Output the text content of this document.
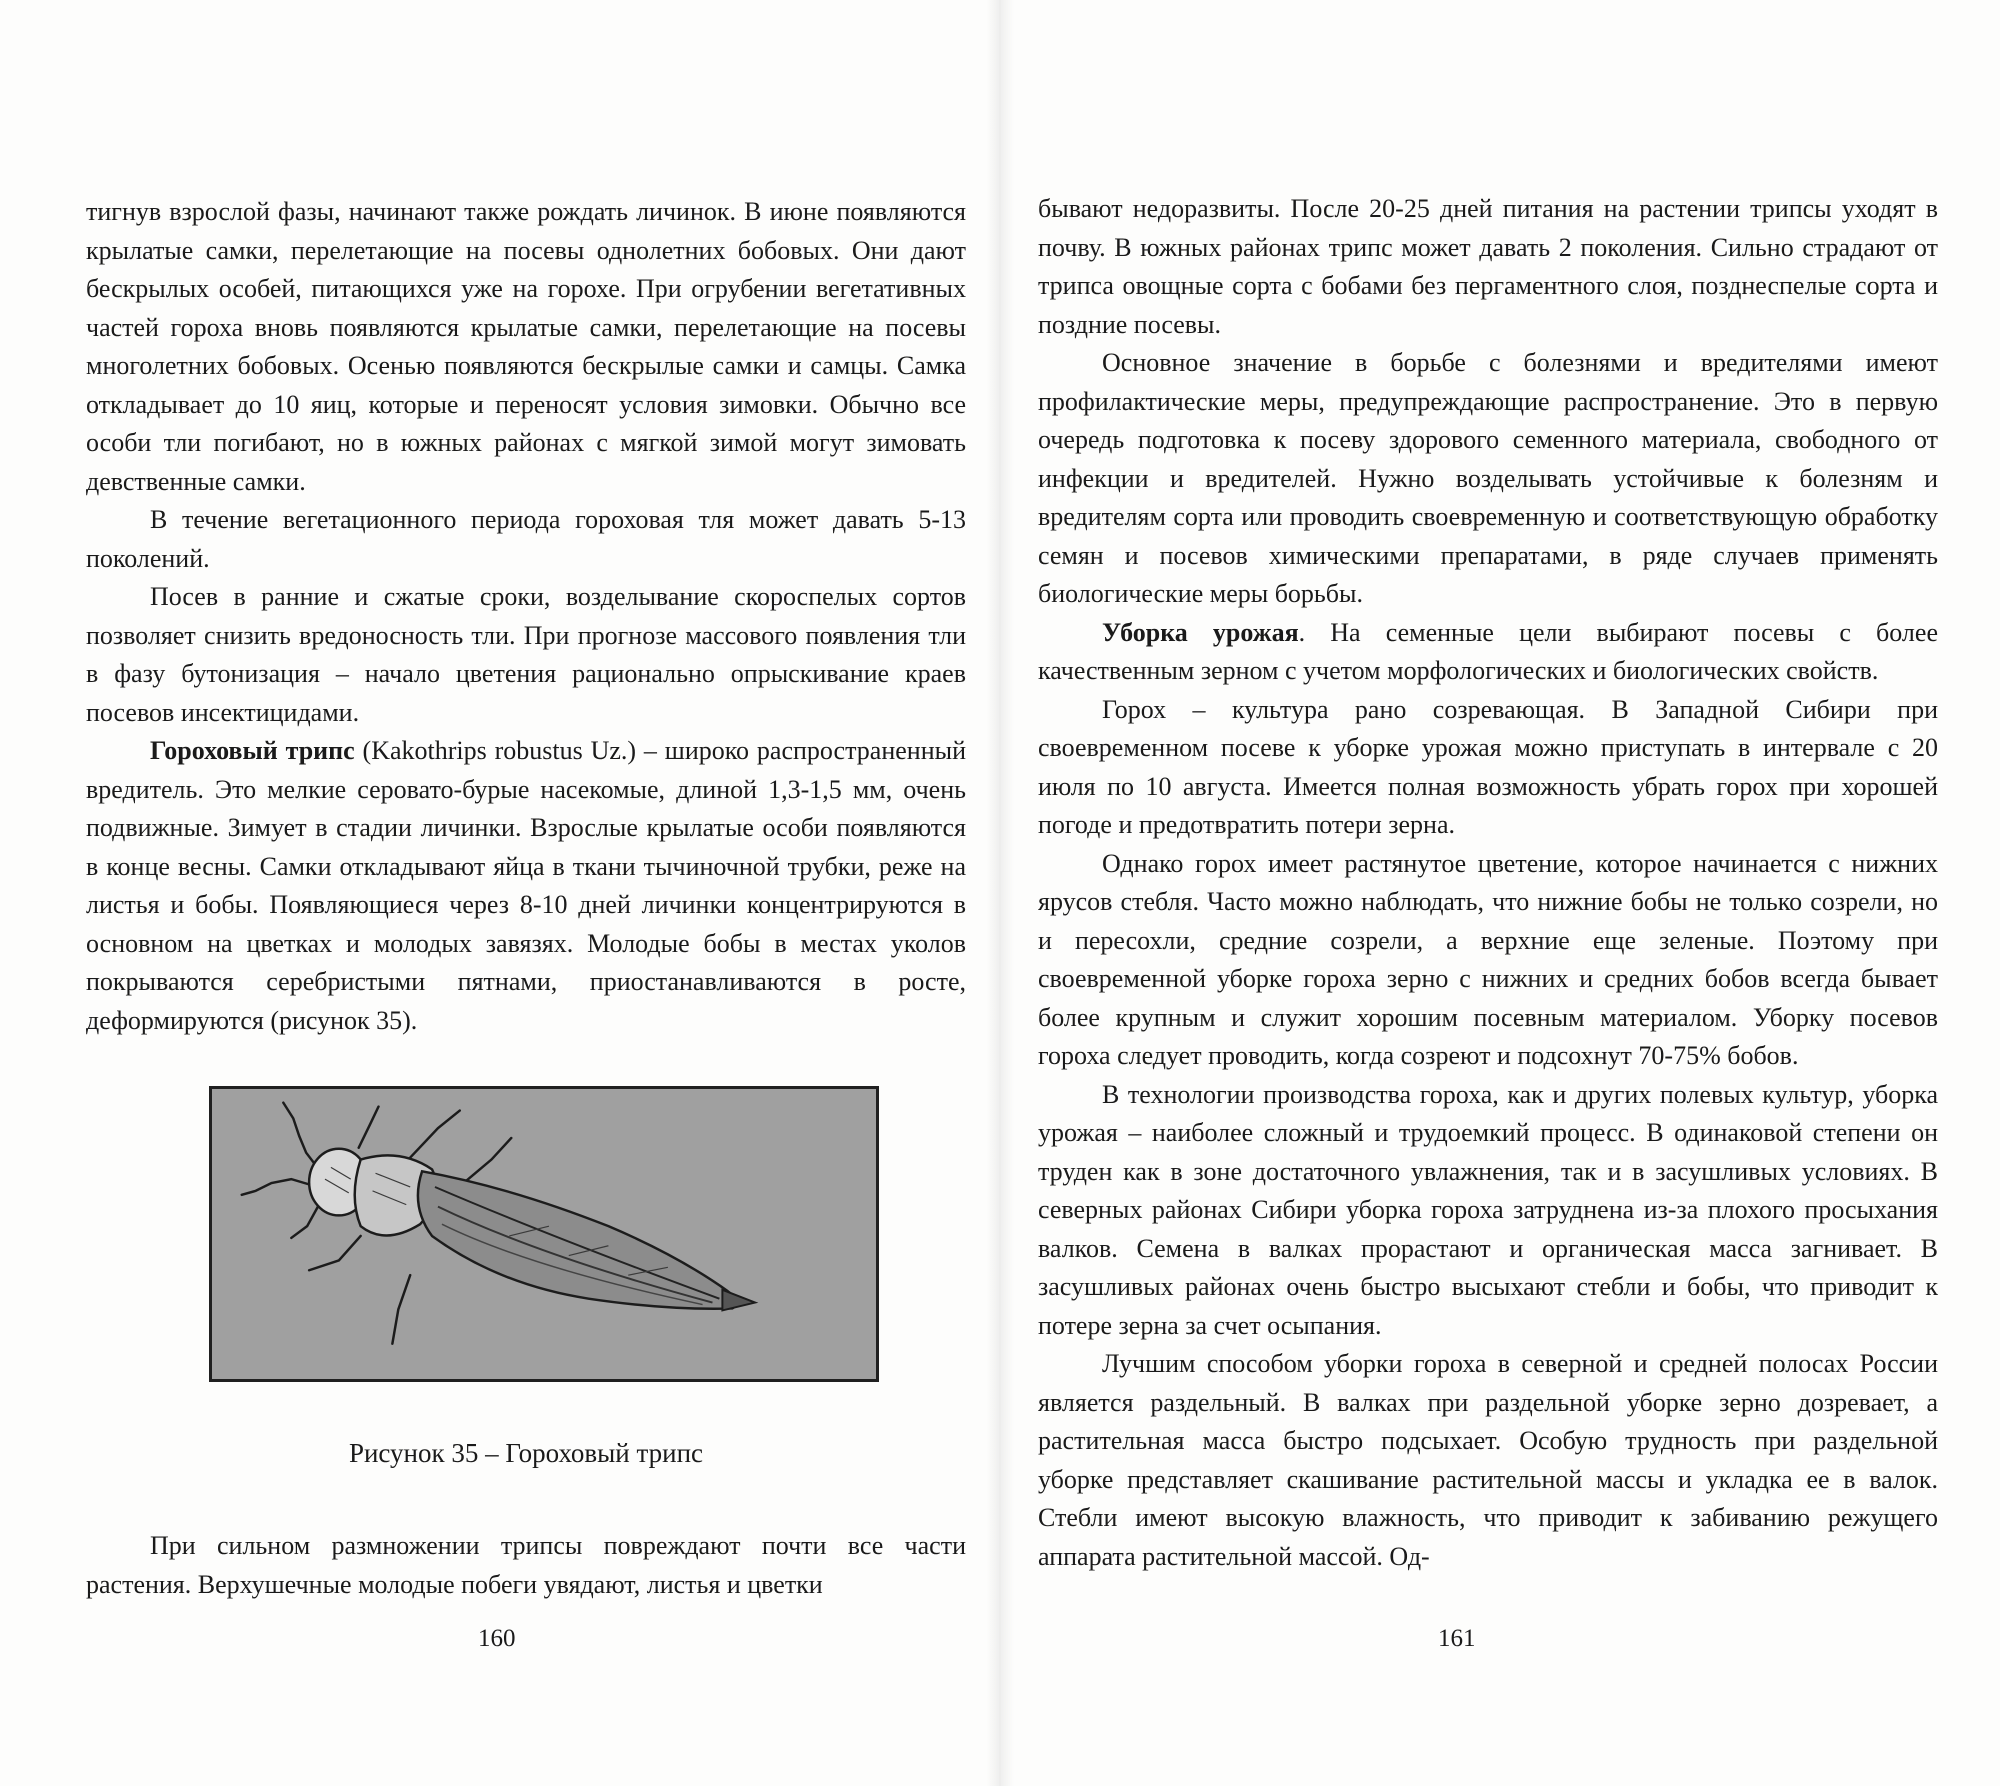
тигнув взрослой фазы, начинают также рождать личинок. В июне появляются крылатые самки, перелетающие на посевы однолетних бобовых. Они дают бескрылых особей, питающихся уже на горохе. При огрубении вегетативных частей гороха вновь появляются крылатые самки, перелетающие на посевы многолетних бобовых. Осенью появляются бескрылые самки и самцы. Самка откладывает до 10 яиц, которые и переносят условия зимовки. Обычно все особи тли погибают, но в южных районах с мягкой зимой могут зимовать девственные самки.

В течение вегетационного периода гороховая тля может давать 5-13 поколений.

Посев в ранние и сжатые сроки, возделывание скороспелых сортов позволяет снизить вредоносность тли. При прогнозе массового появления тли в фазу бутонизация – начало цветения рационально опрыскивание краев посевов инсектицидами.

Гороховый трипс (Kakothrips robustus Uz.) – широко распространенный вредитель. Это мелкие серовато-бурые насекомые, длиной 1,3-1,5 мм, очень подвижные. Зимует в стадии личинки. Взрослые крылатые особи появляются в конце весны. Самки откладывают яйца в ткани тычиночной трубки, реже на листья и бобы. Появляющиеся через 8-10 дней личинки концентрируются в основном на цветках и молодых завязях. Молодые бобы в местах уколов покрываются серебристыми пятнами, приостанавливаются в росте, деформируются (рисунок 35).

Рисунок 35 – Гороховый трипс

При сильном размножении трипсы повреждают почти все части растения. Верхушечные молодые побеги увядают, листья и цветки

160

бывают недоразвиты. После 20-25 дней питания на растении трипсы уходят в почву. В южных районах трипс может давать 2 поколения. Сильно страдают от трипса овощные сорта с бобами без пергаментного слоя, позднеспелые сорта и поздние посевы.

Основное значение в борьбе с болезнями и вредителями имеют профилактические меры, предупреждающие распространение. Это в первую очередь подготовка к посеву здорового семенного материала, свободного от инфекции и вредителей. Нужно возделывать устойчивые к болезням и вредителям сорта или проводить своевременную и соответствующую обработку семян и посевов химическими препаратами, в ряде случаев применять биологические меры борьбы.

Уборка урожая. На семенные цели выбирают посевы с более качественным зерном с учетом морфологических и биологических свойств.

Горох – культура рано созревающая. В Западной Сибири при своевременном посеве к уборке урожая можно приступать в интервале с 20 июля по 10 августа. Имеется полная возможность убрать горох при хорошей погоде и предотвратить потери зерна.

Однако горох имеет растянутое цветение, которое начинается с нижних ярусов стебля. Часто можно наблюдать, что нижние бобы не только созрели, но и пересохли, средние созрели, а верхние еще зеленые. Поэтому при своевременной уборке гороха зерно с нижних и средних бобов всегда бывает более крупным и служит хорошим посевным материалом. Уборку посевов гороха следует проводить, когда созреют и подсохнут 70-75% бобов.

В технологии производства гороха, как и других полевых культур, уборка урожая – наиболее сложный и трудоемкий процесс. В одинаковой степени он труден как в зоне достаточного увлажнения, так и в засушливых условиях. В северных районах Сибири уборка гороха затруднена из-за плохого просыхания валков. Семена в валках прорастают и органическая масса загнивает. В засушливых районах очень быстро высыхают стебли и бобы, что приводит к потере зерна за счет осыпания.

Лучшим способом уборки гороха в северной и средней полосах России является раздельный. В валках при раздельной уборке зерно дозревает, а растительная масса быстро подсыхает. Особую трудность при раздельной уборке представляет скашивание растительной массы и укладка ее в валок. Стебли имеют высокую влажность, что приводит к забиванию режущего аппарата растительной массой. Од-

161
